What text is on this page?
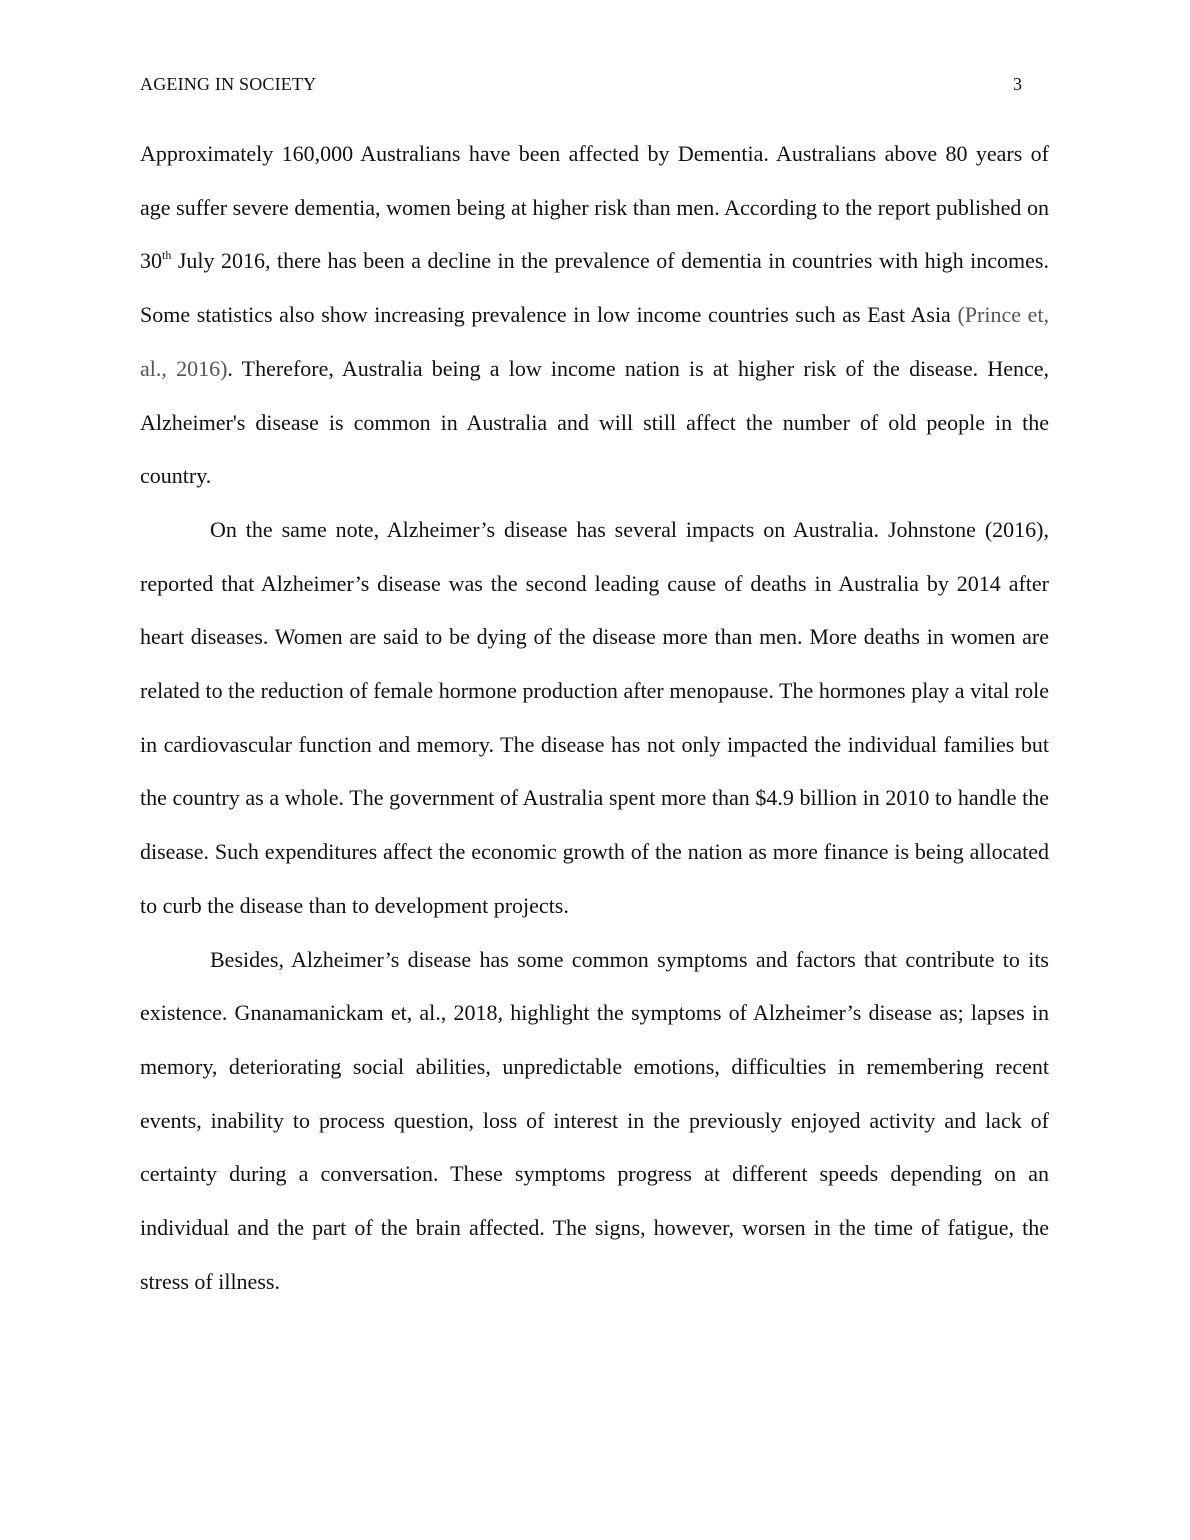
AGEING IN SOCIETY	3

Approximately 160,000 Australians have been affected by Dementia. Australians above 80 years of age suffer severe dementia, women being at higher risk than men. According to the report published on 30th July 2016, there has been a decline in the prevalence of dementia in countries with high incomes. Some statistics also show increasing prevalence in low income countries such as East Asia (Prince et, al., 2016). Therefore, Australia being a low income nation is at higher risk of the disease. Hence, Alzheimer's disease is common in Australia and will still affect the number of old people in the country.

On the same note, Alzheimer’s disease has several impacts on Australia. Johnstone (2016), reported that Alzheimer’s disease was the second leading cause of deaths in Australia by 2014 after heart diseases. Women are said to be dying of the disease more than men. More deaths in women are related to the reduction of female hormone production after menopause. The hormones play a vital role in cardiovascular function and memory. The disease has not only impacted the individual families but the country as a whole. The government of Australia spent more than $4.9 billion in 2010 to handle the disease. Such expenditures affect the economic growth of the nation as more finance is being allocated to curb the disease than to development projects.

Besides, Alzheimer’s disease has some common symptoms and factors that contribute to its existence. Gnanamanickam et, al., 2018, highlight the symptoms of Alzheimer’s disease as; lapses in memory, deteriorating social abilities, unpredictable emotions, difficulties in remembering recent events, inability to process question, loss of interest in the previously enjoyed activity and lack of certainty during a conversation. These symptoms progress at different speeds depending on an individual and the part of the brain affected. The signs, however, worsen in the time of fatigue, the stress of illness.
